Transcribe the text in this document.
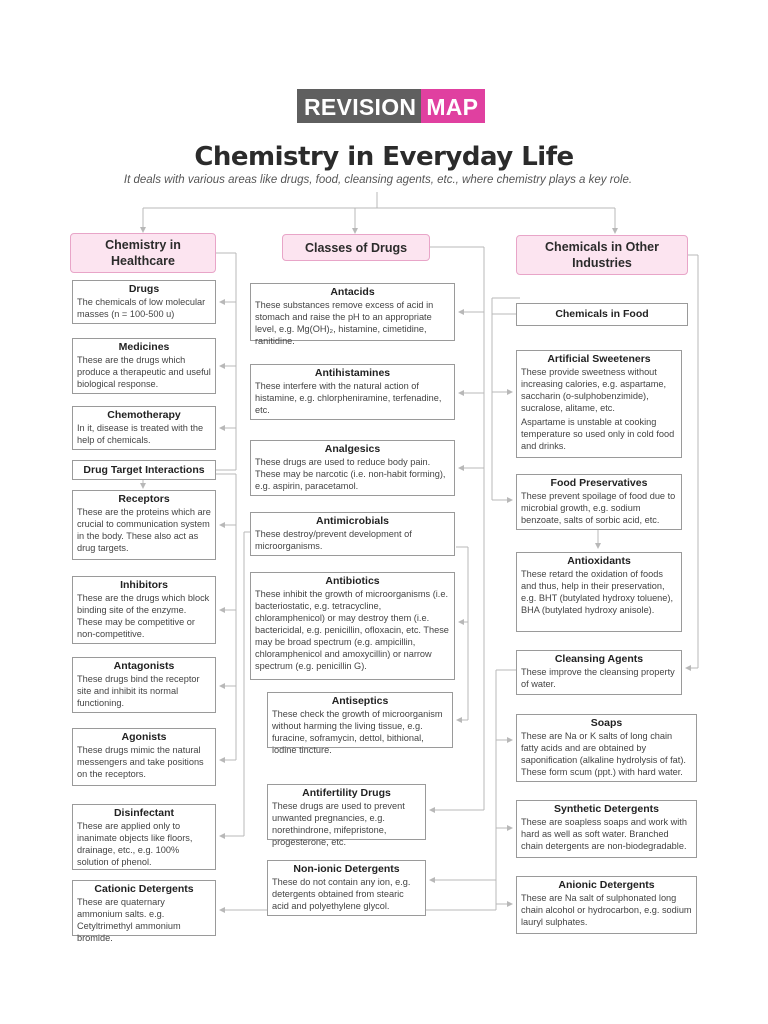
REVISION MAP
Chemistry in Everyday Life
It deals with various areas like drugs, food, cleansing agents, etc., where chemistry plays a key role.
Chemistry in Healthcare
Classes of Drugs	Chemicals in Other Industries
Drugs
The chemicals of low molecular masses (n = 100-500 u)
Medicines
These are the drugs which produce a therapeutic and useful biological response.
Chemotherapy
In it, disease is treated with the help of chemicals.
Drug Target Interactions
Receptors
These are the proteins which are crucial to communication system in the body. These also act as drug targets.
Inhibitors
These are the drugs which block binding site of the enzyme. These may be competitive or non-competitive.
Antagonists
These drugs bind the receptor site and inhibit its normal functioning.
Agonists
These drugs mimic the natural messengers and take positions on the receptors.
Disinfectant
These are applied only to inanimate objects like floors, drainage, etc., e.g. 100% solution of phenol.
Cationic Detergents
These are quaternary ammonium salts. e.g. Cetyltrimethyl ammonium bromide.
Antacids
These substances remove excess of acid in stomach and raise the pH to an appropriate level, e.g. Mg(OH)₂, histamine, cimetidine, ranitidine.
Antihistamines
These interfere with the natural action of histamine, e.g. chlorpheniramine, terfenadine, etc.
Analgesics
These drugs are used to reduce body pain. These may be narcotic (i.e. non-habit forming), e.g. aspirin, paracetamol.
Antimicrobials
These destroy/prevent development of microorganisms.
Antibiotics
These inhibit the growth of microorganisms (i.e. bacteriostatic, e.g. tetracycline, chloramphenicol) or may destroy them (i.e. bactericidal, e.g. penicillin, ofloxacin, etc. These may be broad spectrum (e.g. ampicillin, chloramphenicol and amoxycillin) or narrow spectrum (e.g. penicillin G).
Antiseptics
These check the growth of microorganism without harming the living tissue, e.g. furacine, soframycin, dettol, bithional, iodine tincture.
Antifertility Drugs
These drugs are used to prevent unwanted pregnancies, e.g. norethindrone, mifepristone, progesterone, etc.
Non-ionic Detergents
These do not contain any ion, e.g. detergents obtained from stearic acid and polyethylene glycol.
Chemicals in Food
Artificial Sweeteners
These provide sweetness without increasing calories, e.g. aspartame, saccharin (o-sulphobenzimide), sucralose, alitame, etc.
Aspartame is unstable at cooking temperature so used only in cold food and drinks.
Food Preservatives
These prevent spoilage of food due to microbial growth, e.g. sodium benzoate, salts of sorbic acid, etc.
Antioxidants
These retard the oxidation of foods and thus, help in their preservation, e.g. BHT (butylated hydroxy toluene), BHA (butylated hydroxy anisole).
Cleansing Agents
These improve the cleansing property of water.
Soaps
These are Na or K salts of long chain fatty acids and are obtained by saponification (alkaline hydrolysis of fat). These form scum (ppt.) with hard water.
Synthetic Detergents
These are soapless soaps and work with hard as well as soft water. Branched chain detergents are non-biodegradable.
Anionic Detergents
These are Na salt of sulphonated long chain alcohol or hydrocarbon, e.g. sodium lauryl sulphates.
